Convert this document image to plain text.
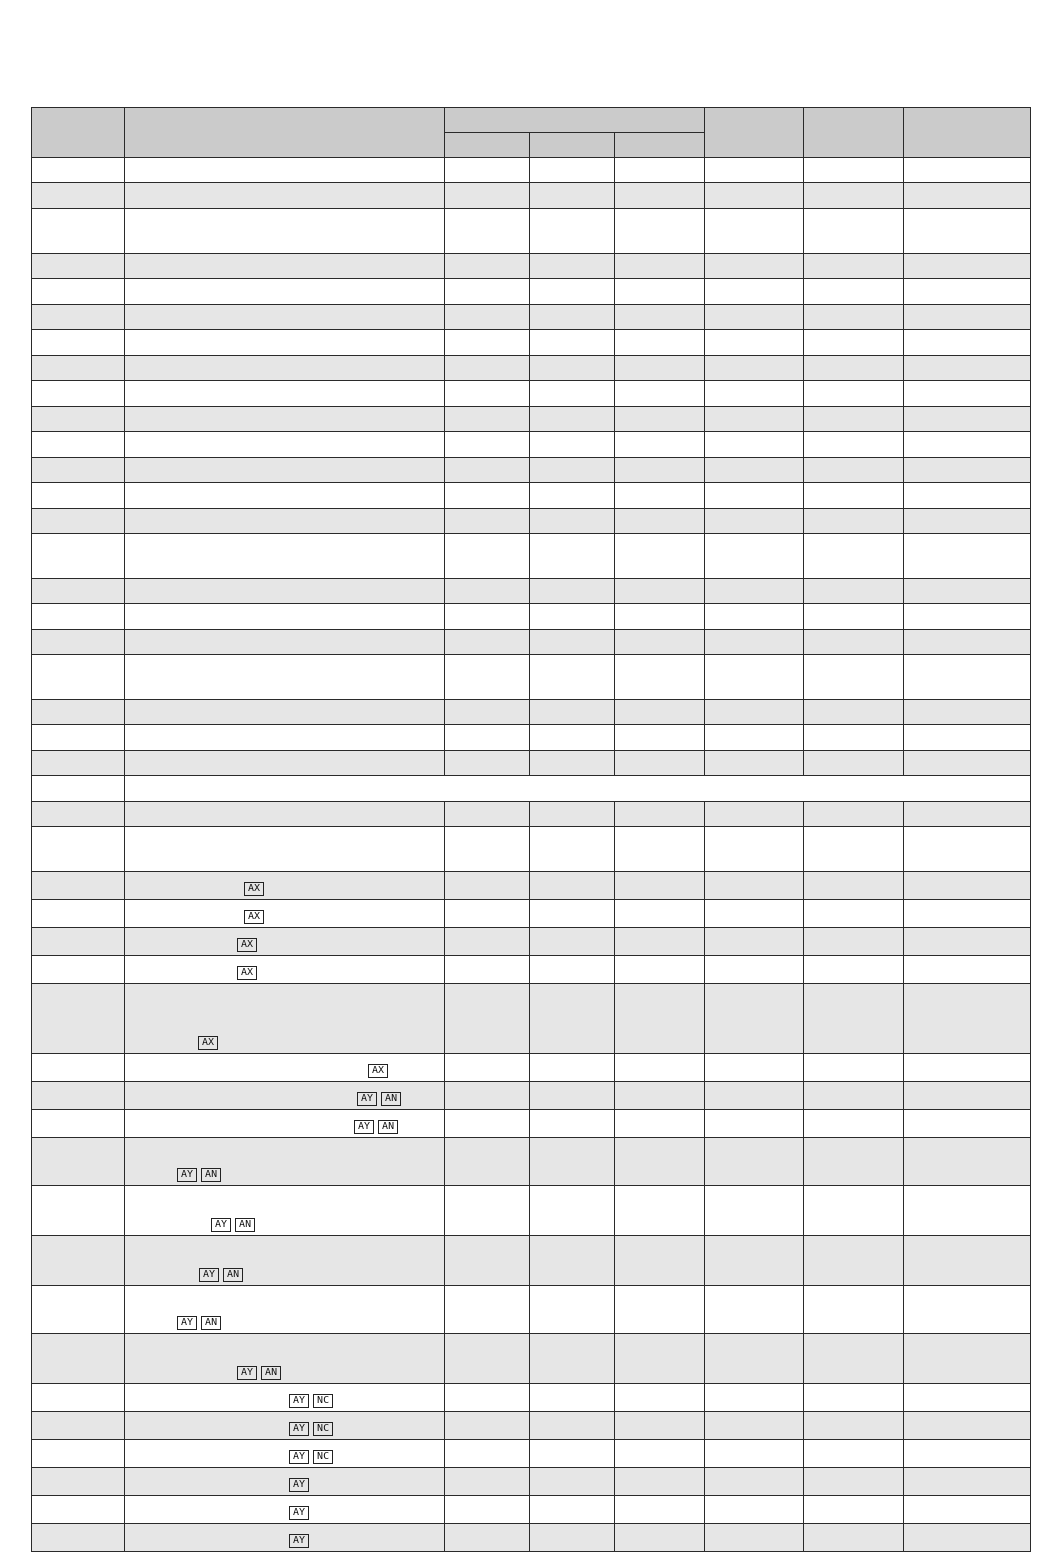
	AX						

	AX						

	AX						

	AX						

	AX						

	AX						

	AY AN						

	AY AN						

	AY AN						

	AY AN						

	AY AN						

	AY AN						

	AY AN						

	AY NC						

	AY NC						

	AY NC						

	AY						

	AY						

	AY						
